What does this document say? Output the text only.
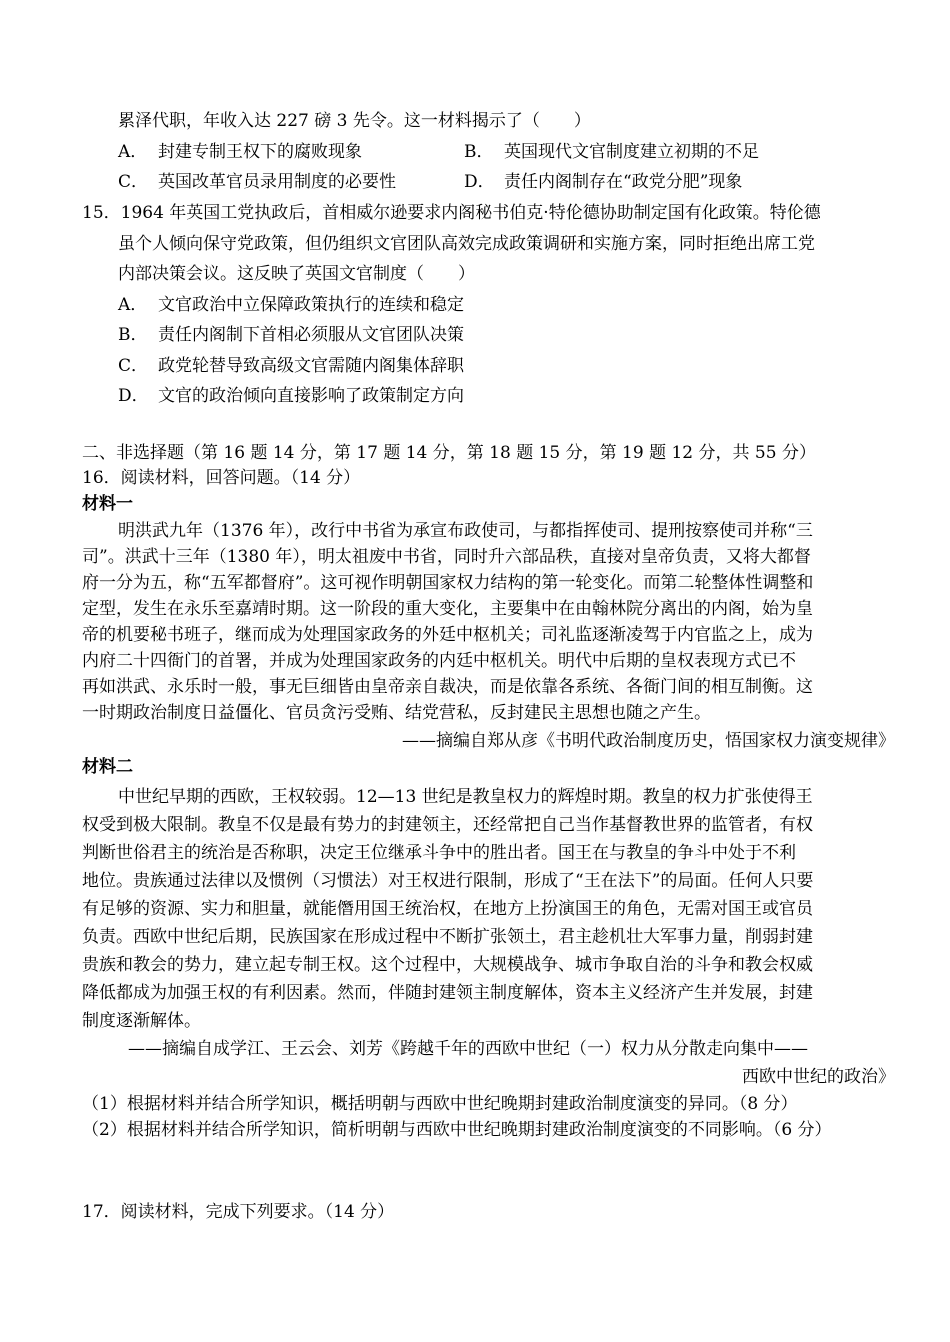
累泽代职，年收入达 227 磅 3 先令。这一材料揭示了（　　）
A． 封建专制王权下的腐败现象	B． 英国现代文官制度建立初期的不足
C． 英国改革官员录用制度的必要性	D． 责任内阁制存在“政党分肥”现象
15．1964 年英国工党执政后，首相威尔逊要求内阁秘书伯克·特伦德协助制定国有化政策。特伦德
虽个人倾向保守党政策，但仍组织文官团队高效完成政策调研和实施方案，同时拒绝出席工党
内部决策会议。这反映了英国文官制度（　　）
A． 文官政治中立保障政策执行的连续和稳定
B． 责任内阁制下首相必须服从文官团队决策
C． 政党轮替导致高级文官需随内阁集体辞职
D． 文官的政治倾向直接影响了政策制定方向
二、非选择题（第 16 题 14 分，第 17 题 14 分，第 18 题 15 分，第 19 题 12 分，共 55 分）
16．阅读材料，回答问题。（14 分）
材料一
明洪武九年（1376 年），改行中书省为承宣布政使司，与都指挥使司、提刑按察使司并称“三
司”。洪武十三年（1380 年），明太祖废中书省，同时升六部品秩，直接对皇帝负责，又将大都督
府一分为五，称“五军都督府”。这可视作明朝国家权力结构的第一轮变化。而第二轮整体性调整和
定型，发生在永乐至嘉靖时期。这一阶段的重大变化，主要集中在由翰林院分离出的内阁，始为皇
帝的机要秘书班子，继而成为处理国家政务的外廷中枢机关；司礼监逐渐凌驾于内官监之上，成为
内府二十四衙门的首署，并成为处理国家政务的内廷中枢机关。明代中后期的皇权表现方式已不
再如洪武、永乐时一般，事无巨细皆由皇帝亲自裁决，而是依靠各系统、各衙门间的相互制衡。这
一时期政治制度日益僵化、官员贪污受贿、结党营私，反封建民主思想也随之产生。
——摘编自郑从彦《书明代政治制度历史，悟国家权力演变规律》
材料二
中世纪早期的西欧，王权较弱。12—13 世纪是教皇权力的辉煌时期。教皇的权力扩张使得王
权受到极大限制。教皇不仅是最有势力的封建领主，还经常把自己当作基督教世界的监管者，有权
判断世俗君主的统治是否称职，决定王位继承斗争中的胜出者。国王在与教皇的争斗中处于不利
地位。贵族通过法律以及惯例（习惯法）对王权进行限制，形成了“王在法下”的局面。任何人只要
有足够的资源、实力和胆量，就能僭用国王统治权，在地方上扮演国王的角色，无需对国王或官员
负责。西欧中世纪后期，民族国家在形成过程中不断扩张领土，君主趁机壮大军事力量，削弱封建
贵族和教会的势力，建立起专制王权。这个过程中，大规模战争、城市争取自治的斗争和教会权威
降低都成为加强王权的有利因素。然而，伴随封建领主制度解体，资本主义经济产生并发展，封建
制度逐渐解体。
——摘编自成学江、王云会、刘芳《跨越千年的西欧中世纪（一）权力从分散走向集中——
西欧中世纪的政治》
（1）根据材料并结合所学知识，概括明朝与西欧中世纪晚期封建政治制度演变的异同。（8 分）
（2）根据材料并结合所学知识，简析明朝与西欧中世纪晚期封建政治制度演变的不同影响。（6 分）
17．阅读材料，完成下列要求。（14 分）
